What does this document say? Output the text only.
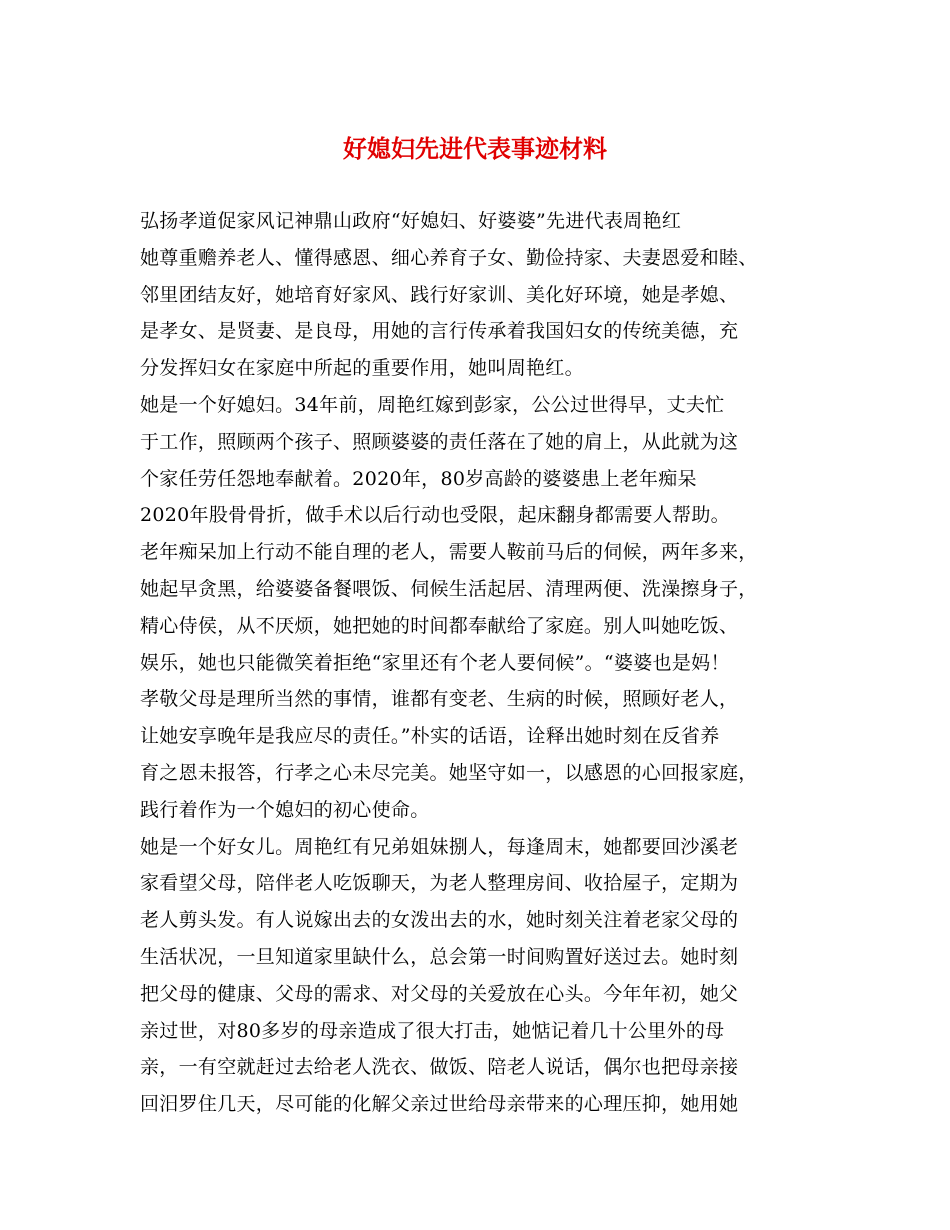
好媳妇先进代表事迹材料
弘扬孝道促家风记神鼎山政府“好媳妇、好婆婆”先进代表周艳红
她尊重赡养老人、懂得感恩、细心养育子女、勤俭持家、夫妻恩爱和睦、
邻里团结友好，她培育好家风、践行好家训、美化好环境，她是孝媳、
是孝女、是贤妻、是良母，用她的言行传承着我国妇女的传统美德，充
分发挥妇女在家庭中所起的重要作用，她叫周艳红。
她是一个好媳妇。34年前，周艳红嫁到彭家，公公过世得早，丈夫忙
于工作，照顾两个孩子、照顾婆婆的责任落在了她的肩上，从此就为这
个家任劳任怨地奉献着。2020年，80岁高龄的婆婆患上老年痴呆
2020年股骨骨折，做手术以后行动也受限，起床翻身都需要人帮助。
老年痴呆加上行动不能自理的老人，需要人鞍前马后的伺候，两年多来，
她起早贪黑，给婆婆备餐喂饭、伺候生活起居、清理两便、洗澡擦身子，
精心侍侯，从不厌烦，她把她的时间都奉献给了家庭。别人叫她吃饭、
娱乐，她也只能微笑着拒绝“家里还有个老人要伺候”。“婆婆也是妈！
孝敬父母是理所当然的事情，谁都有变老、生病的时候，照顾好老人，
让她安享晚年是我应尽的责任。”朴实的话语，诠释出她时刻在反省养
育之恩未报答，行孝之心未尽完美。她坚守如一，以感恩的心回报家庭，
践行着作为一个媳妇的初心使命。
她是一个好女儿。周艳红有兄弟姐妹捌人，每逢周末，她都要回沙溪老
家看望父母，陪伴老人吃饭聊天，为老人整理房间、收拾屋子，定期为
老人剪头发。有人说嫁出去的女泼出去的水，她时刻关注着老家父母的
生活状况，一旦知道家里缺什么，总会第一时间购置好送过去。她时刻
把父母的健康、父母的需求、对父母的关爱放在心头。今年年初，她父
亲过世，对80多岁的母亲造成了很大打击，她惦记着几十公里外的母
亲，一有空就赶过去给老人洗衣、做饭、陪老人说话，偶尔也把母亲接
回汨罗住几天，尽可能的化解父亲过世给母亲带来的心理压抑，她用她
